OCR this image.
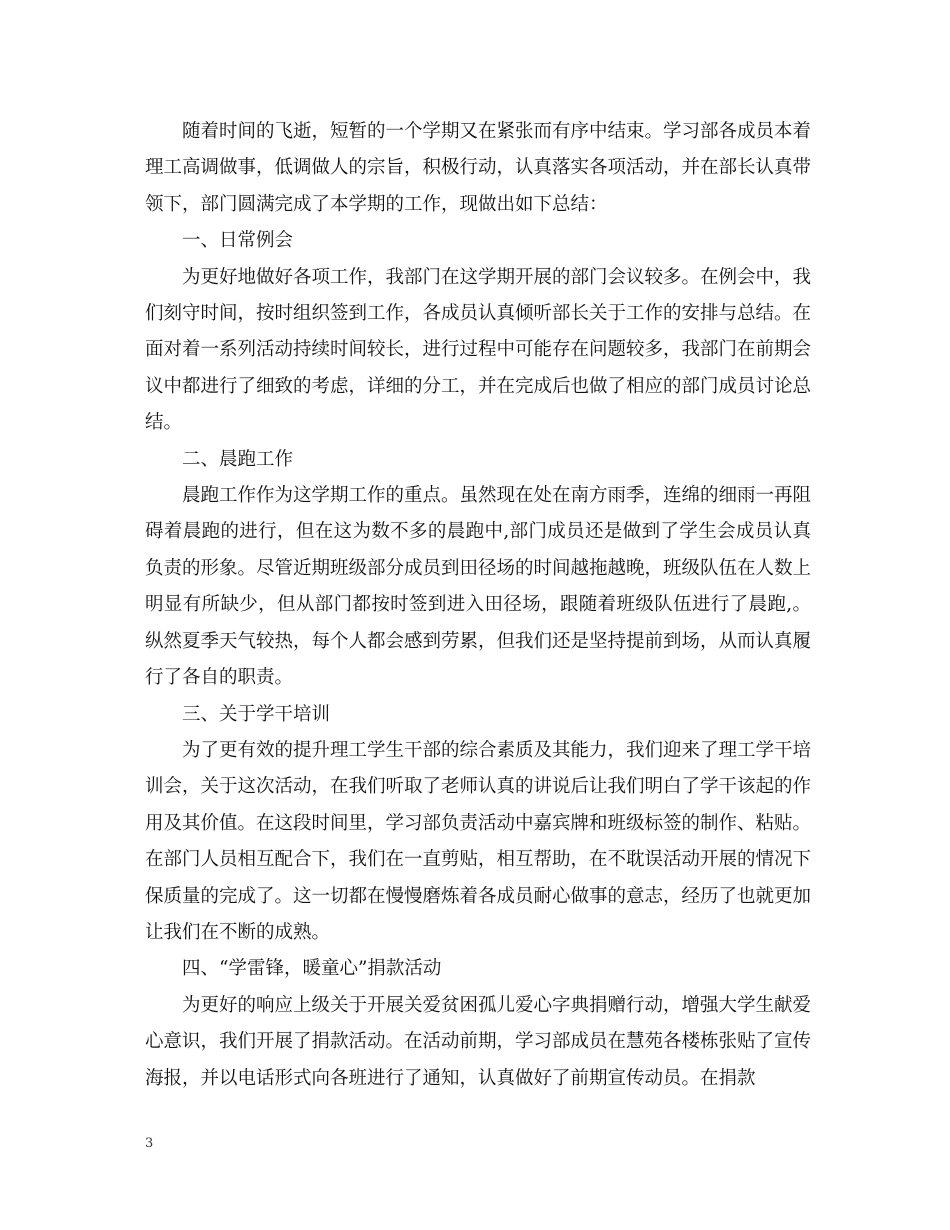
随着时间的飞逝，短暂的一个学期又在紧张而有序中结束。学习部各成员本着理工高调做事，低调做人的宗旨，积极行动，认真落实各项活动，并在部长认真带领下，部门圆满完成了本学期的工作，现做出如下总结：

一、日常例会

为更好地做好各项工作，我部门在这学期开展的部门会议较多。在例会中，我们刻守时间，按时组织签到工作，各成员认真倾听部长关于工作的安排与总结。在面对着一系列活动持续时间较长，进行过程中可能存在问题较多，我部门在前期会议中都进行了细致的考虑，详细的分工，并在完成后也做了相应的部门成员讨论总结。

二、晨跑工作

晨跑工作作为这学期工作的重点。虽然现在处在南方雨季，连绵的细雨一再阻碍着晨跑的进行，但在这为数不多的晨跑中,部门成员还是做到了学生会成员认真负责的形象。尽管近期班级部分成员到田径场的时间越拖越晚，班级队伍在人数上明显有所缺少，但从部门都按时签到进入田径场，跟随着班级队伍进行了晨跑,。纵然夏季天气较热，每个人都会感到劳累，但我们还是坚持提前到场，从而认真履行了各自的职责。

三、关于学干培训

为了更有效的提升理工学生干部的综合素质及其能力，我们迎来了理工学干培训会，关于这次活动，在我们听取了老师认真的讲说后让我们明白了学干该起的作用及其价值。在这段时间里，学习部负责活动中嘉宾牌和班级标签的制作、粘贴。在部门人员相互配合下，我们在一直剪贴，相互帮助，在不耽误活动开展的情况下保质量的完成了。这一切都在慢慢磨炼着各成员耐心做事的意志，经历了也就更加让我们在不断的成熟。

四、“学雷锋，暖童心”捐款活动

为更好的响应上级关于开展关爱贫困孤儿爱心字典捐赠行动，增强大学生献爱心意识，我们开展了捐款活动。在活动前期，学习部成员在慧苑各楼栋张贴了宣传海报，并以电话形式向各班进行了通知，认真做好了前期宣传动员。在捐款

3
